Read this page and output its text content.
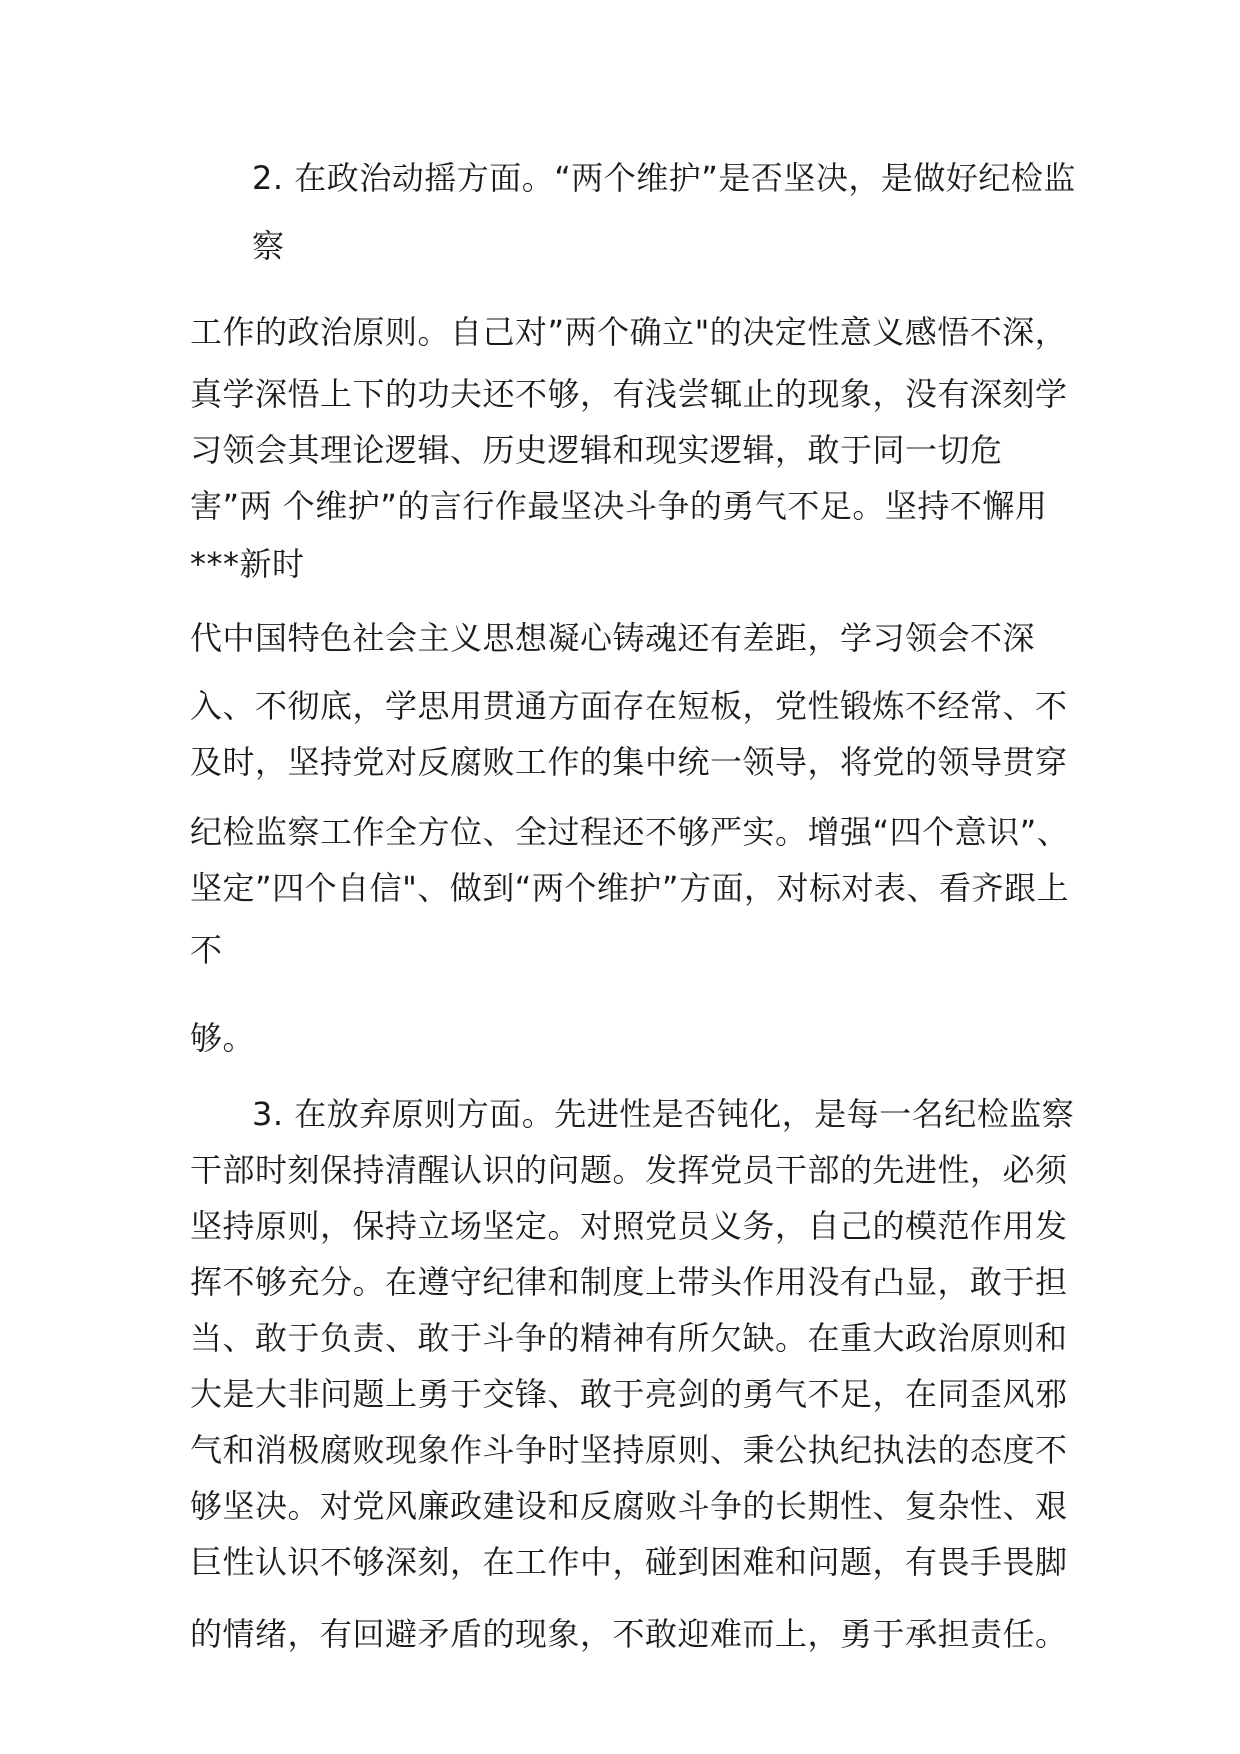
2. 在政治动摇方面。“两个维护”是否坚决，是做好纪检监
察
工作的政治原则。自己对”两个确立"的决定性意义感悟不深，
真学深悟上下的功夫还不够，有浅尝辄止的现象，没有深刻学
习领会其理论逻辑、历史逻辑和现实逻辑，敢于同一切危
害”两 个维护”的言行作最坚决斗争的勇气不足。坚持不懈用
***新时
代中国特色社会主义思想凝心铸魂还有差距，学习领会不深
入、不彻底，学思用贯通方面存在短板，党性锻炼不经常、不
及时，坚持党对反腐败工作的集中统一领导，将党的领导贯穿
纪检监察工作全方位、全过程还不够严实。增强“四个意识”、
坚定”四个自信"、做到“两个维护”方面，对标对表、看齐跟上
不
够。
3. 在放弃原则方面。先进性是否钝化，是每一名纪检监察
干部时刻保持清醒认识的问题。发挥党员干部的先进性，必须
坚持原则，保持立场坚定。对照党员义务，自己的模范作用发
挥不够充分。在遵守纪律和制度上带头作用没有凸显，敢于担
当、敢于负责、敢于斗争的精神有所欠缺。在重大政治原则和
大是大非问题上勇于交锋、敢于亮剑的勇气不足，在同歪风邪
气和消极腐败现象作斗争时坚持原则、秉公执纪执法的态度不
够坚决。对党风廉政建设和反腐败斗争的长期性、复杂性、艰
巨性认识不够深刻，在工作中，碰到困难和问题，有畏手畏脚
的情绪，有回避矛盾的现象，不敢迎难而上，勇于承担责任。
